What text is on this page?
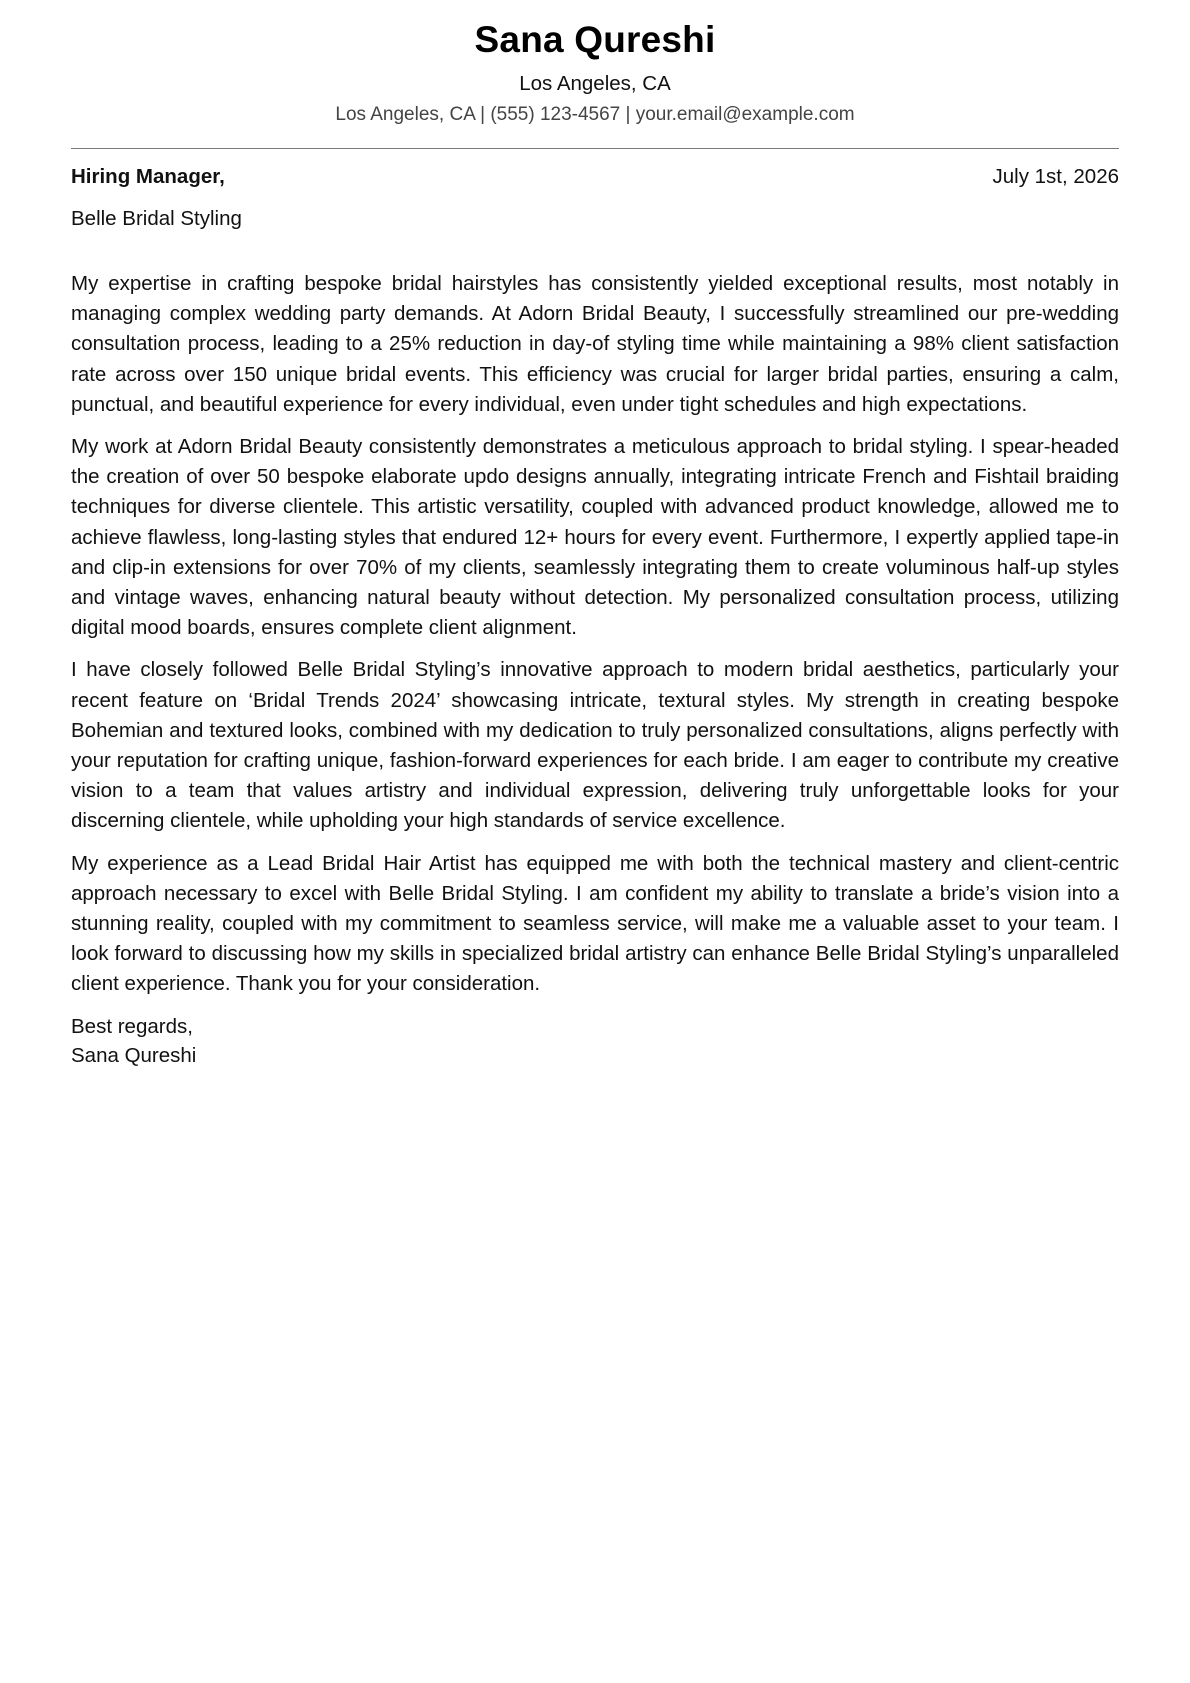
Sana Qureshi
Los Angeles, CA
Los Angeles, CA | (555) 123-4567 | your.email@example.com
Hiring Manager,	July 1st, 2026
Belle Bridal Styling

My expertise in crafting bespoke bridal hairstyles has consistently yielded exceptional results, most notably in managing complex wedding party demands. At Adorn Bridal Beauty, I successfully streamlined our pre-wedding consultation process, leading to a 25% reduction in day-of styling time while maintaining a 98% client satisfaction rate across over 150 unique bridal events. This efficiency was crucial for larger bridal parties, ensuring a calm, punctual, and beautiful experience for every individual, even under tight schedules and high expectations.

My work at Adorn Bridal Beauty consistently demonstrates a meticulous approach to bridal styling. I spear-headed the creation of over 50 bespoke elaborate updo designs annually, integrating intricate French and Fishtail braiding techniques for diverse clientele. This artistic versatility, coupled with advanced product knowledge, allowed me to achieve flawless, long-lasting styles that endured 12+ hours for every event. Furthermore, I expertly applied tape-in and clip-in extensions for over 70% of my clients, seamlessly integrating them to create voluminous half-up styles and vintage waves, enhancing natural beauty without detection. My personalized consultation process, utilizing digital mood boards, ensures complete client alignment.

I have closely followed Belle Bridal Styling’s innovative approach to modern bridal aesthetics, particularly your recent feature on ‘Bridal Trends 2024’ showcasing intricate, textural styles. My strength in creating bespoke Bohemian and textured looks, combined with my dedication to truly personalized consultations, aligns perfectly with your reputation for crafting unique, fashion-forward experiences for each bride. I am eager to contribute my creative vision to a team that values artistry and individual expression, delivering truly unforgettable looks for your discerning clientele, while upholding your high standards of service excellence.

My experience as a Lead Bridal Hair Artist has equipped me with both the technical mastery and client-centric approach necessary to excel with Belle Bridal Styling. I am confident my ability to translate a bride’s vision into a stunning reality, coupled with my commitment to seamless service, will make me a valuable asset to your team. I look forward to discussing how my skills in specialized bridal artistry can enhance Belle Bridal Styling’s unparalleled client experience. Thank you for your consideration.

Best regards,
Sana Qureshi
